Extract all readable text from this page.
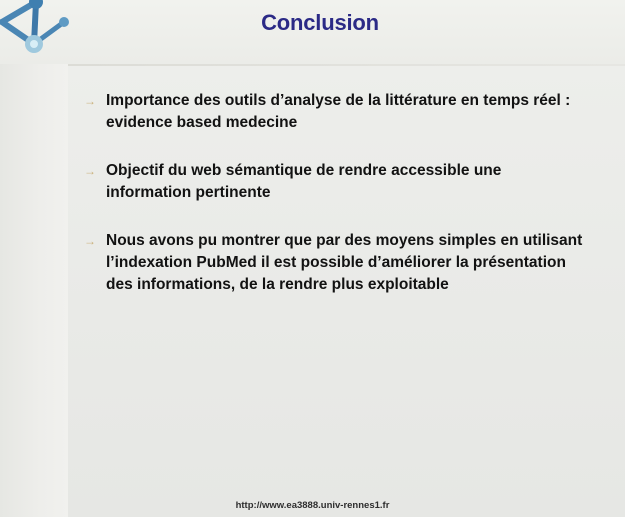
Conclusion
→ Importance des outils d’analyse de la littérature en temps réel : evidence based medecine
→ Objectif du web sémantique de rendre accessible une information pertinente
→ Nous avons pu montrer que par des moyens simples en utilisant l’indexation PubMed il est possible d’améliorer la présentation des informations, de la rendre plus exploitable
http://www.ea3888.univ-rennes1.fr
